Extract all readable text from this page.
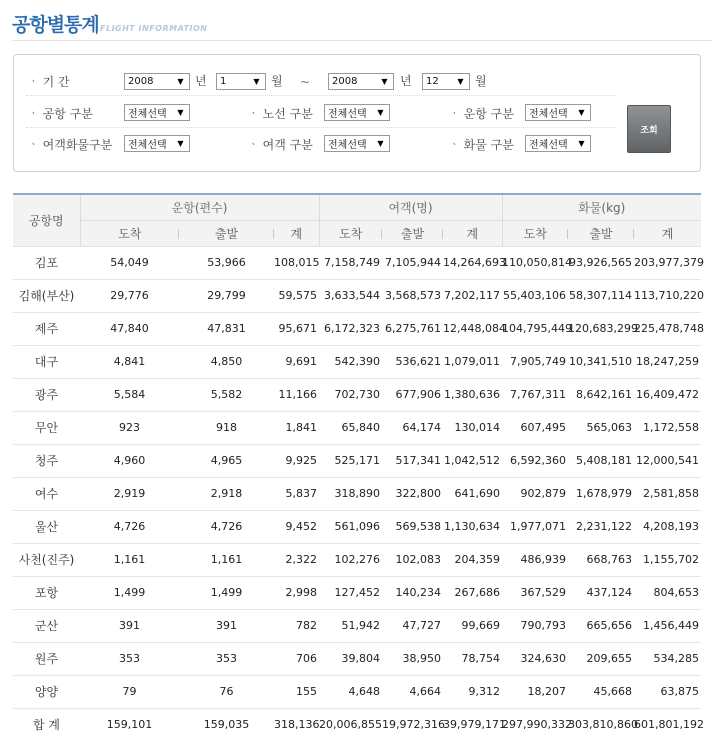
공항별통계 FLIGHT INFORMATION
ㆍ 기 간	2008	▼ 년 1	▼ 월 ~ 2008	▼ 년 12	▼ 월
ㆍ 공항 구분	전체선택	▼	ㆍ 노선 구분 전체선택	▼	ㆍ 운항 구분 전체선택	▼
ㆍ 여객화물구분 전체선택	▼	ㆍ 여객 구분 전체선택	▼	ㆍ 화물 구분 전체선택	▼
조회
공항명	운항(편수)			여객(명)			화물(kg)		
	도착	출발	계	도착	출발	계	도착	출발	계
김포	54,049	53,966	108,015	7,158,749	7,105,944	14,264,693	110,050,814	93,926,565	203,977,379
김해(부산)	29,776	29,799	59,575	3,633,544	3,568,573	7,202,117	55,403,106	58,307,114	113,710,220
제주	47,840	47,831	95,671	6,172,323	6,275,761	12,448,084	104,795,449	120,683,299	225,478,748
대구	4,841	4,850	9,691	542,390	536,621	1,079,011	7,905,749	10,341,510	18,247,259
광주	5,584	5,582	11,166	702,730	677,906	1,380,636	7,767,311	8,642,161	16,409,472
무안	923	918	1,841	65,840	64,174	130,014	607,495	565,063	1,172,558
청주	4,960	4,965	9,925	525,171	517,341	1,042,512	6,592,360	5,408,181	12,000,541
여수	2,919	2,918	5,837	318,890	322,800	641,690	902,879	1,678,979	2,581,858
울산	4,726	4,726	9,452	561,096	569,538	1,130,634	1,977,071	2,231,122	4,208,193
사천(진주)	1,161	1,161	2,322	102,276	102,083	204,359	486,939	668,763	1,155,702
포항	1,499	1,499	2,998	127,452	140,234	267,686	367,529	437,124	804,653
군산	391	391	782	51,942	47,727	99,669	790,793	665,656	1,456,449
원주	353	353	706	39,804	38,950	78,754	324,630	209,655	534,285
양양	79	76	155	4,648	4,664	9,312	18,207	45,668	63,875
합 계	159,101	159,035	318,136	20,006,855	19,972,316	39,979,171	297,990,332	303,810,860	601,801,192
